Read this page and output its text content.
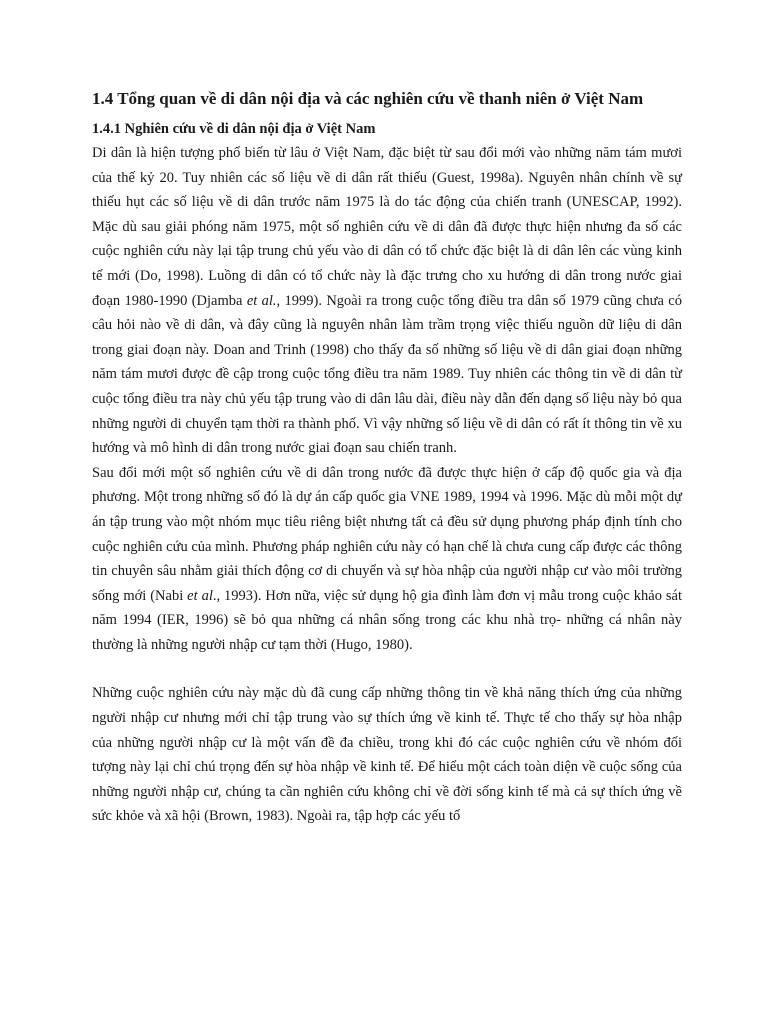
1.4 Tổng quan về di dân nội địa và các nghiên cứu về thanh niên ở Việt Nam
1.4.1 Nghiên cứu về di dân nội địa ở Việt Nam

Di dân là hiện tượng phổ biến từ lâu ở Việt Nam, đặc biệt từ sau đổi mới vào những năm tám mươi của thế kỷ 20. Tuy nhiên các số liệu về di dân rất thiếu (Guest, 1998a). Nguyên nhân chính về sự thiếu hụt các số liệu về di dân trước năm 1975 là do tác động của chiến tranh (UNESCAP, 1992). Mặc dù sau giải phóng năm 1975, một số nghiên cứu về di dân đã được thực hiện nhưng đa số các cuộc nghiên cứu này lại tập trung chủ yếu vào di dân có tổ chức đặc biệt là di dân lên các vùng kinh tế mới (Do, 1998). Luồng di dân có tổ chức này là đặc trưng cho xu hướng di dân trong nước giai đoạn 1980-1990 (Djamba et al., 1999). Ngoài ra trong cuộc tổng điều tra dân số 1979 cũng chưa có câu hỏi nào về di dân, và đây cũng là nguyên nhân làm trầm trọng việc thiếu nguồn dữ liệu di dân trong giai đoạn này. Doan and Trinh (1998) cho thấy đa số những số liệu về di dân giai đoạn những năm tám mươi được đề cập trong cuộc tổng điều tra năm 1989. Tuy nhiên các thông tin về di dân từ cuộc tổng điều tra này chủ yếu tập trung vào di dân lâu dài, điều này dẫn đến dạng số liệu này bỏ qua những người di chuyển tạm thời ra thành phố. Vì vậy những số liệu về di dân có rất ít thông tin về xu hướng và mô hình di dân trong nước giai đoạn sau chiến tranh.

Sau đổi mới một số nghiên cứu về di dân trong nước đã được thực hiện ở cấp độ quốc gia và địa phương. Một trong những số đó là dự án cấp quốc gia VNE 1989, 1994 và 1996. Mặc dù mỗi một dự án tập trung vào một nhóm mục tiêu riêng biệt nhưng tất cả đều sử dụng phương pháp định tính cho cuộc nghiên cứu của mình. Phương pháp nghiên cứu này có hạn chế là chưa cung cấp được các thông tin chuyên sâu nhằm giải thích động cơ di chuyển và sự hòa nhập của người nhập cư vào môi trường sống mới (Nabi et al., 1993). Hơn nữa, việc sử dụng hộ gia đình làm đơn vị mẫu trong cuộc khảo sát năm 1994 (IER, 1996) sẽ bỏ qua những cá nhân sống trong các khu nhà trọ- những cá nhân này thường là những người nhập cư tạm thời (Hugo, 1980).

Những cuộc nghiên cứu này mặc dù đã cung cấp những thông tin về khả năng thích ứng của những người nhập cư nhưng mới chỉ tập trung vào sự thích ứng về kinh tế. Thực tế cho thấy sự hòa nhập của những người nhập cư là một vấn đề đa chiều, trong khi đó các cuộc nghiên cứu về nhóm đối tượng này lại chỉ chú trọng đến sự hòa nhập về kinh tế. Để hiểu một cách toàn diện về cuộc sống của những người nhập cư, chúng ta cần nghiên cứu không chỉ về đời sống kinh tế mà cả sự thích ứng về sức khỏe và xã hội (Brown, 1983). Ngoài ra, tập hợp các yếu tố
